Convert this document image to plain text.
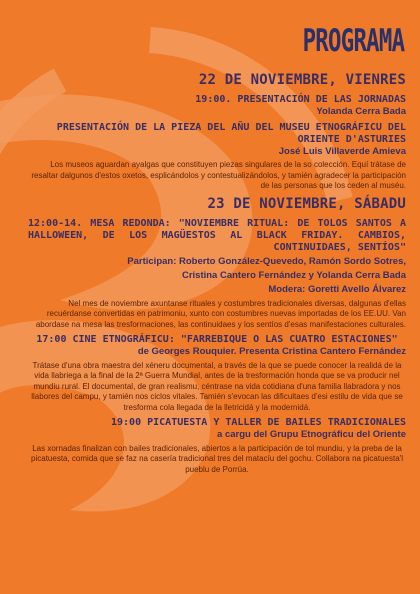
PROGRAMA

22 DE NOVIEMBRE, VIENRES

19:00. PRESENTACIÓN DE LAS JORNADAS

Yolanda Cerra Bada

PRESENTACIÓN DE LA PIEZA DEL AÑU DEL MUSEU ETNOGRÁFICU DEL ORIENTE D'ASTURIES

José Luis Villaverde Amieva

Los museos aguardan ayalgas que constituyen piezas singulares de la so colección. Equí trátase de resaltar dalgunos d'estos oxetos, esplicándolos y contestualizándolos, y tamién agradecer la participación de las personas que los ceden al muséu.

23 DE NOVIEMBRE, SÁBADU

12:00-14. MESA REDONDA: "NOVIEMBRE RITUAL: DE TOLOS SANTOS A HALLOWEEN, DE LOS MAGÜESTOS AL BLACK FRIDAY. CAMBIOS, CONTINUIDAES, SENTÍOS"

Participan: Roberto González-Quevedo, Ramón Sordo Sotres,

Cristina Cantero Fernández y Yolanda Cerra Bada

Modera: Goretti Avello Álvarez

Nel mes de noviembre axuntanse rituales y costumbres tradicionales diversas, dalgunas d'ellas recuérdanse convertidas en patrimoniu, xunto con costumbres nuevas importadas de los EE.UU. Van abordase na mesa las tresformaciones, las continuidaes y los sentíos d'esas manifestaciones culturales.

17:00 CINE ETNOGRÁFICU: "FARREBIQUE O LAS CUATRO ESTACIONES"

de Georges Rouquier. Presenta Cristina Cantero Fernández

Trátase d'una obra maestra del xéneru documental, a través de la que se puede conocer la realidá de la vida llabriega a la final de la 2ª Guerra Mundial, antes de la tresformación honda que se va producir nel mundiu rural. El documental, de gran realismu, céntrase na vida cotidiana d'una familia llabradora y nos llabores del campu, y tamién nos ciclos vitales. Tamién s'evocan las dificultaes d'esi estilu de vida que se tresforma cola llegada de la lletricidá y la modernidá.

19:00 PICATUESTA Y TALLER DE BAILES TRADICIONALES

a cargu del Grupu Etnográficu del Oriente

Las xornadas finalizan con bailes tradicionales, abiertos a la participación de tol mundiu, y la preba de la picatuesta, comida que se faz na casería tradicional tres del matacíu del gochu. Collabora na picatuesta'l pueblu de Porrúa.
